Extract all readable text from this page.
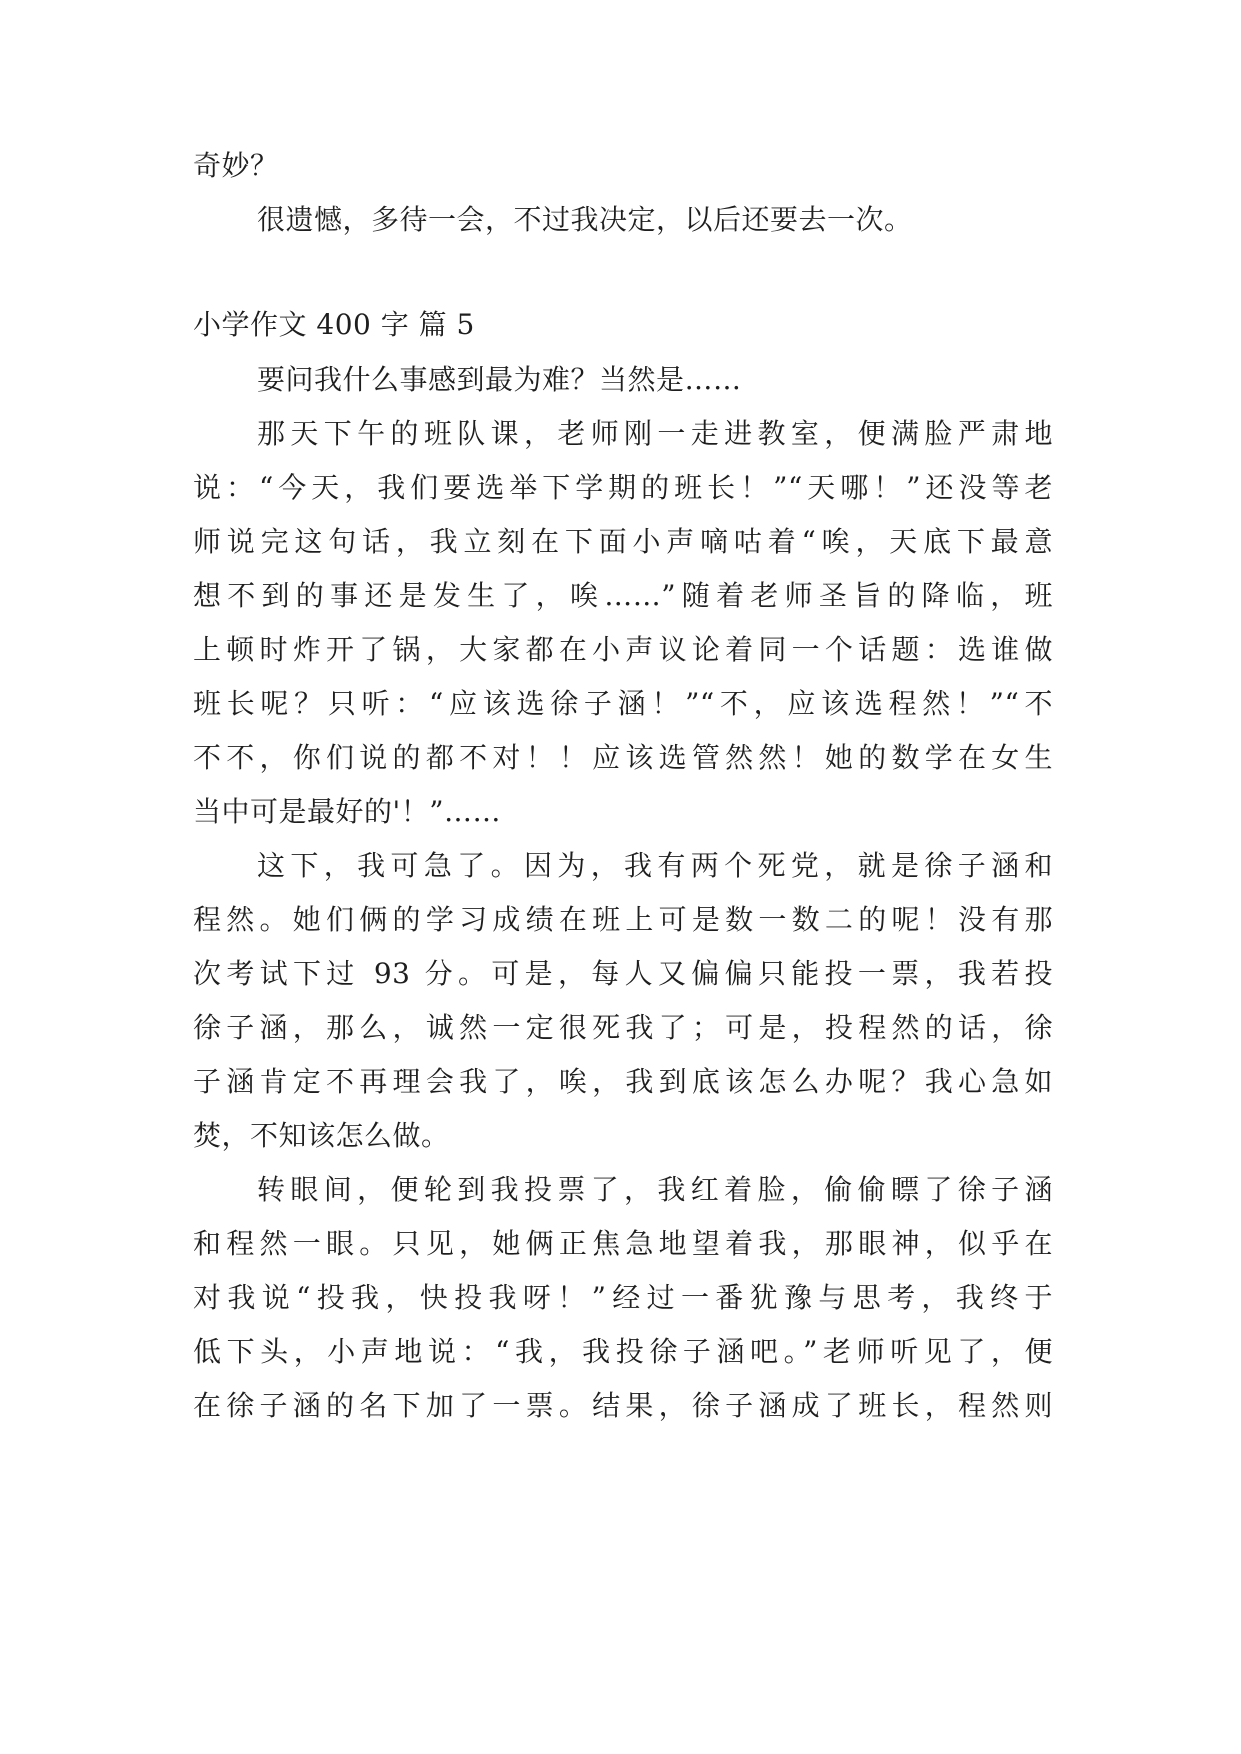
奇妙？
很遗憾，多待一会，不过我决定，以后还要去一次。
小学作文 400 字 篇 5
要问我什么事感到最为难？当然是……
那天下午的班队课，老师刚一走进教室，便满脸严肃地
说：“今天，我们要选举下学期的班长！”“天哪！”还没等老
师说完这句话，我立刻在下面小声嘀咕着“唉，天底下最意
想不到的事还是发生了，唉……”随着老师圣旨的降临，班
上顿时炸开了锅，大家都在小声议论着同一个话题：选谁做
班长呢？只听：“应该选徐子涵！”“不，应该选程然！”“不
不不，你们说的都不对！！应该选管然然！她的数学在女生
当中可是最好的'！”……
这下，我可急了。因为，我有两个死党，就是徐子涵和
程然。她们俩的学习成绩在班上可是数一数二的呢！没有那
次考试下过 93 分。可是，每人又偏偏只能投一票，我若投
徐子涵，那么，诚然一定很死我了；可是，投程然的话，徐
子涵肯定不再理会我了，唉，我到底该怎么办呢？我心急如
焚，不知该怎么做。
转眼间，便轮到我投票了，我红着脸，偷偷瞟了徐子涵
和程然一眼。只见，她俩正焦急地望着我，那眼神，似乎在
对我说“投我，快投我呀！”经过一番犹豫与思考，我终于
低下头，小声地说：“我，我投徐子涵吧。”老师听见了，便
在徐子涵的名下加了一票。结果，徐子涵成了班长，程然则
